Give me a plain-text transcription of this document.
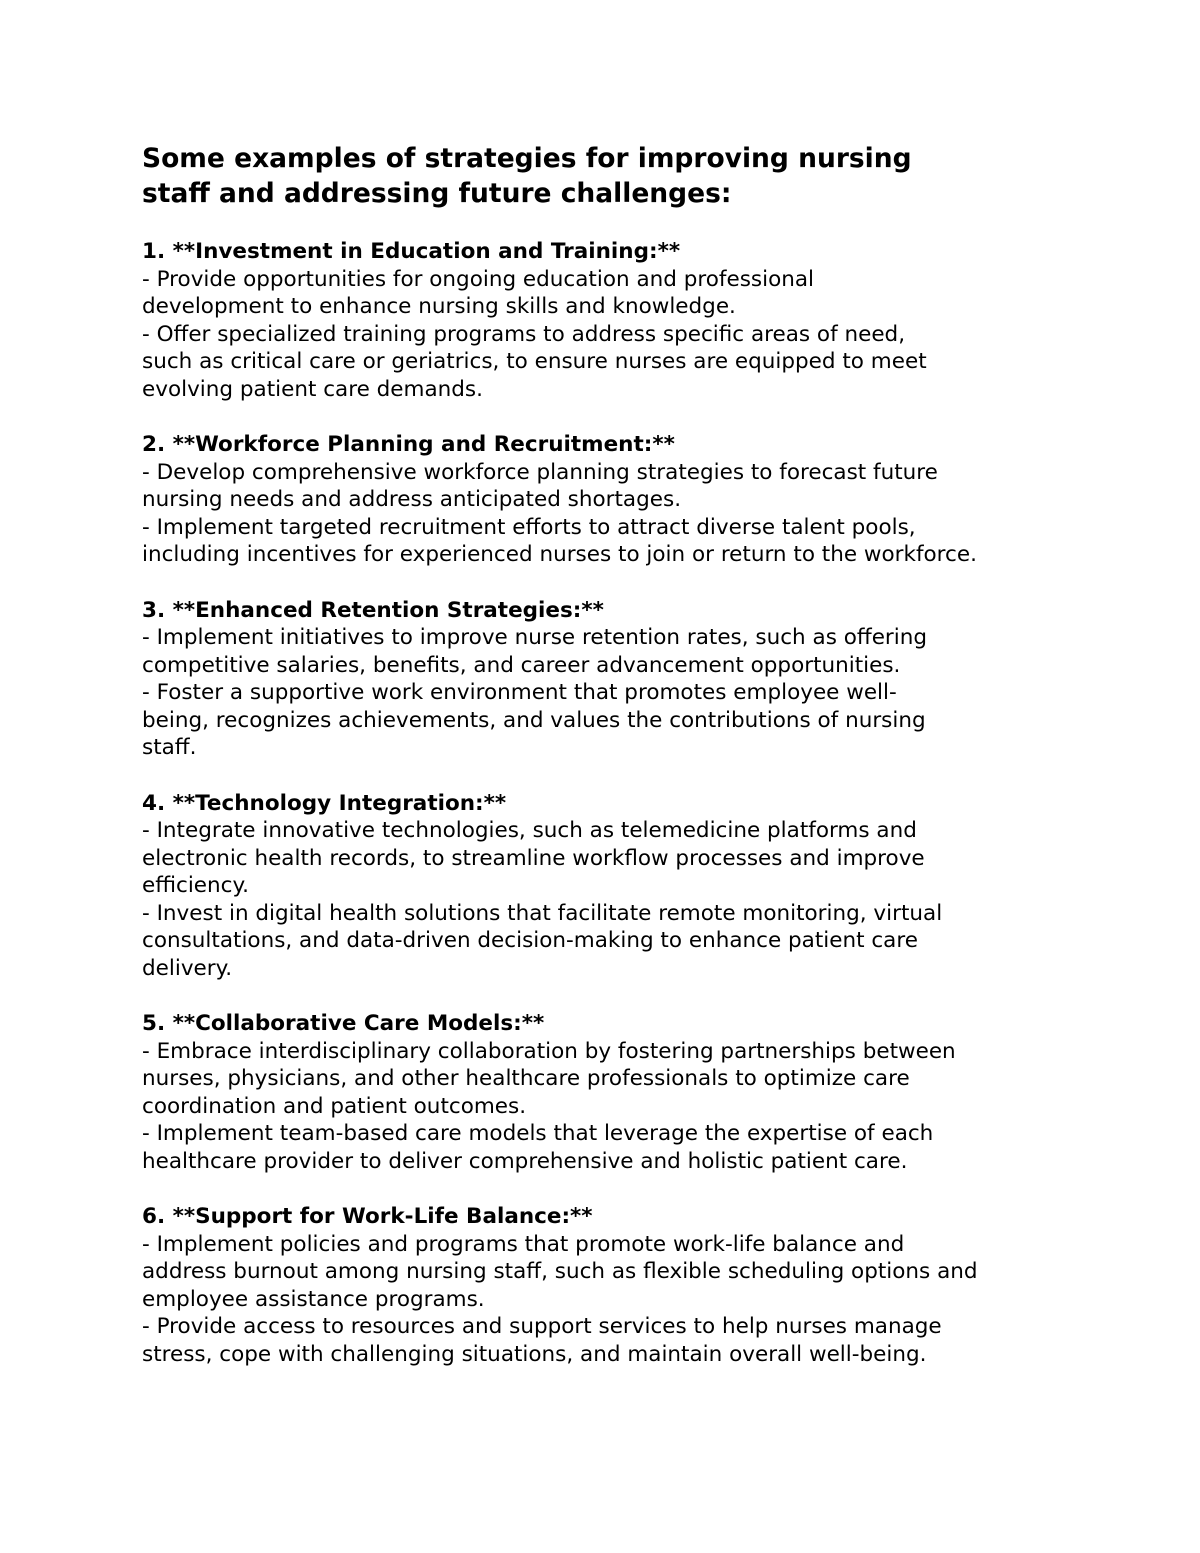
Some examples of strategies for improving nursing
staff and addressing future challenges:

1. **Investment in Education and Training:**

- Provide opportunities for ongoing education and professional
development to enhance nursing skills and knowledge.

- Offer specialized training programs to address specific areas of need,
such as critical care or geriatrics, to ensure nurses are equipped to meet
evolving patient care demands.

2. **Workforce Planning and Recruitment:**

- Develop comprehensive workforce planning strategies to forecast future
nursing needs and address anticipated shortages.

- Implement targeted recruitment efforts to attract diverse talent pools,
including incentives for experienced nurses to join or return to the workforce.

3. **Enhanced Retention Strategies:**

- Implement initiatives to improve nurse retention rates, such as offering
competitive salaries, benefits, and career advancement opportunities.

- Foster a supportive work environment that promotes employee well-
being, recognizes achievements, and values the contributions of nursing
staff.

4. **Technology Integration:**

- Integrate innovative technologies, such as telemedicine platforms and
electronic health records, to streamline workflow processes and improve
efficiency.

- Invest in digital health solutions that facilitate remote monitoring, virtual
consultations, and data-driven decision-making to enhance patient care
delivery.

5. **Collaborative Care Models:**

- Embrace interdisciplinary collaboration by fostering partnerships between
nurses, physicians, and other healthcare professionals to optimize care
coordination and patient outcomes.

- Implement team-based care models that leverage the expertise of each
healthcare provider to deliver comprehensive and holistic patient care.

6. **Support for Work-Life Balance:**

- Implement policies and programs that promote work-life balance and
address burnout among nursing staff, such as flexible scheduling options and
employee assistance programs.

- Provide access to resources and support services to help nurses manage
stress, cope with challenging situations, and maintain overall well-being.
